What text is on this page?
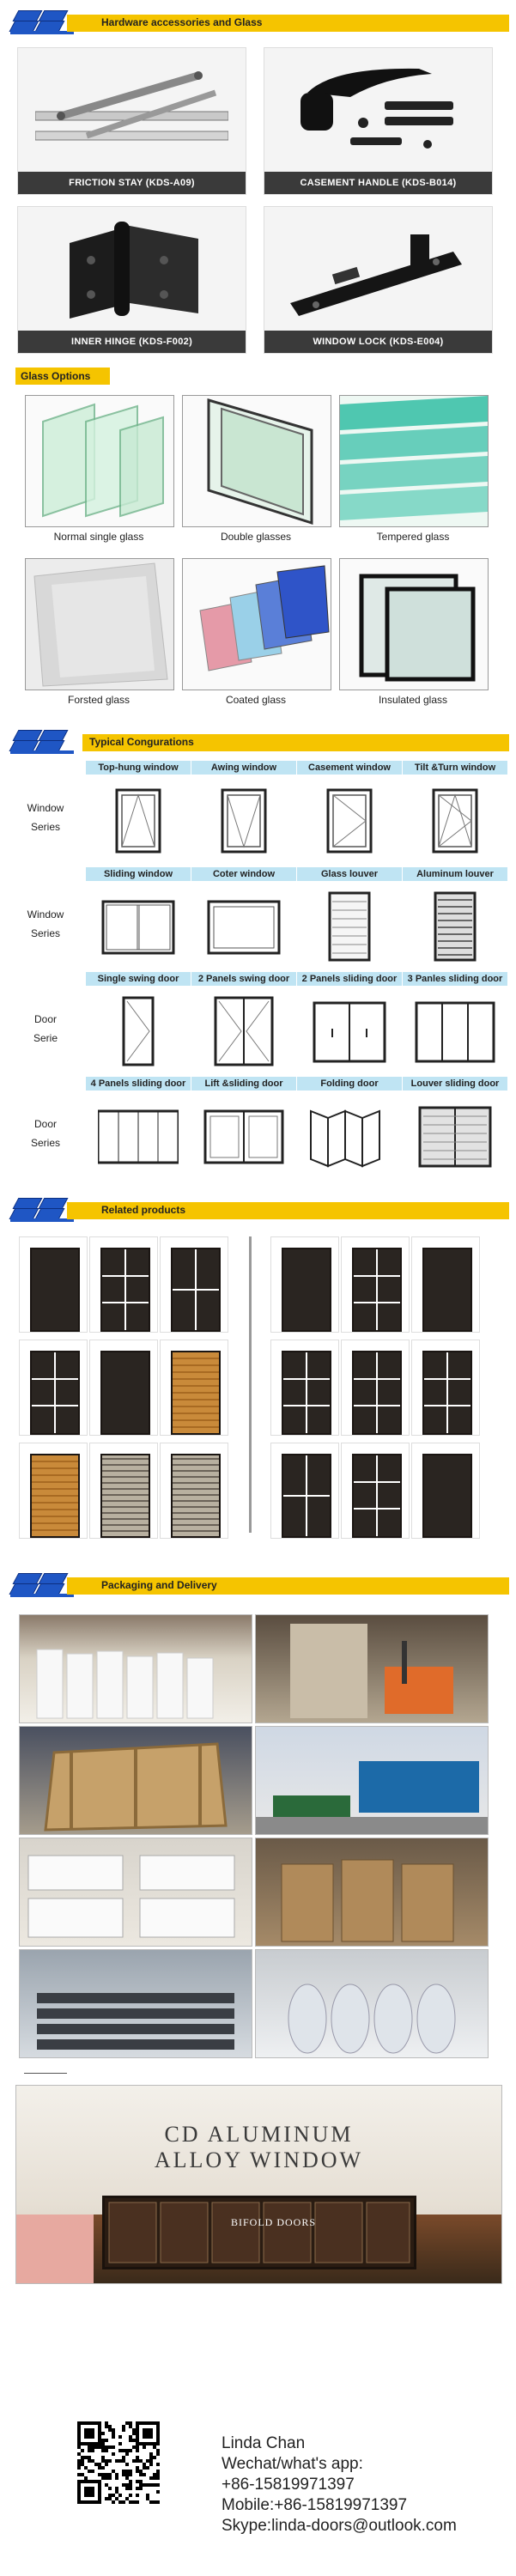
Hardware accessories and Glass
FRICTION STAY (KDS-A09)	CASEMENT HANDLE (KDS-B014)
INNER HINGE (KDS-F002)	WINDOW LOCK (KDS-E004)
Glass Options
Normal single glass	Double glasses	Tempered glass
Forsted glass	Coated glass	Insulated glass
Typical Congurations
Window
Series
Top-hung window	Awing window	Casement window	Tilt &Turn window
Window
Series
Sliding window	Coter window	Glass louver	Aluminum louver
Door
Serie
Single swing door	2 Panels swing door	2 Panels sliding door	3 Panles sliding door
Door
Series
4 Panels sliding door	Lift &sliding door	Folding door	Louver sliding door
Related products
Packaging and Delivery
CD ALUMINUM
ALLOY WINDOW
BIFOLD DOORS
Linda Chan
Wechat/what's app:
+86-15819971397
Mobile:+86-15819971397
Skype:linda-doors@outlook.com
